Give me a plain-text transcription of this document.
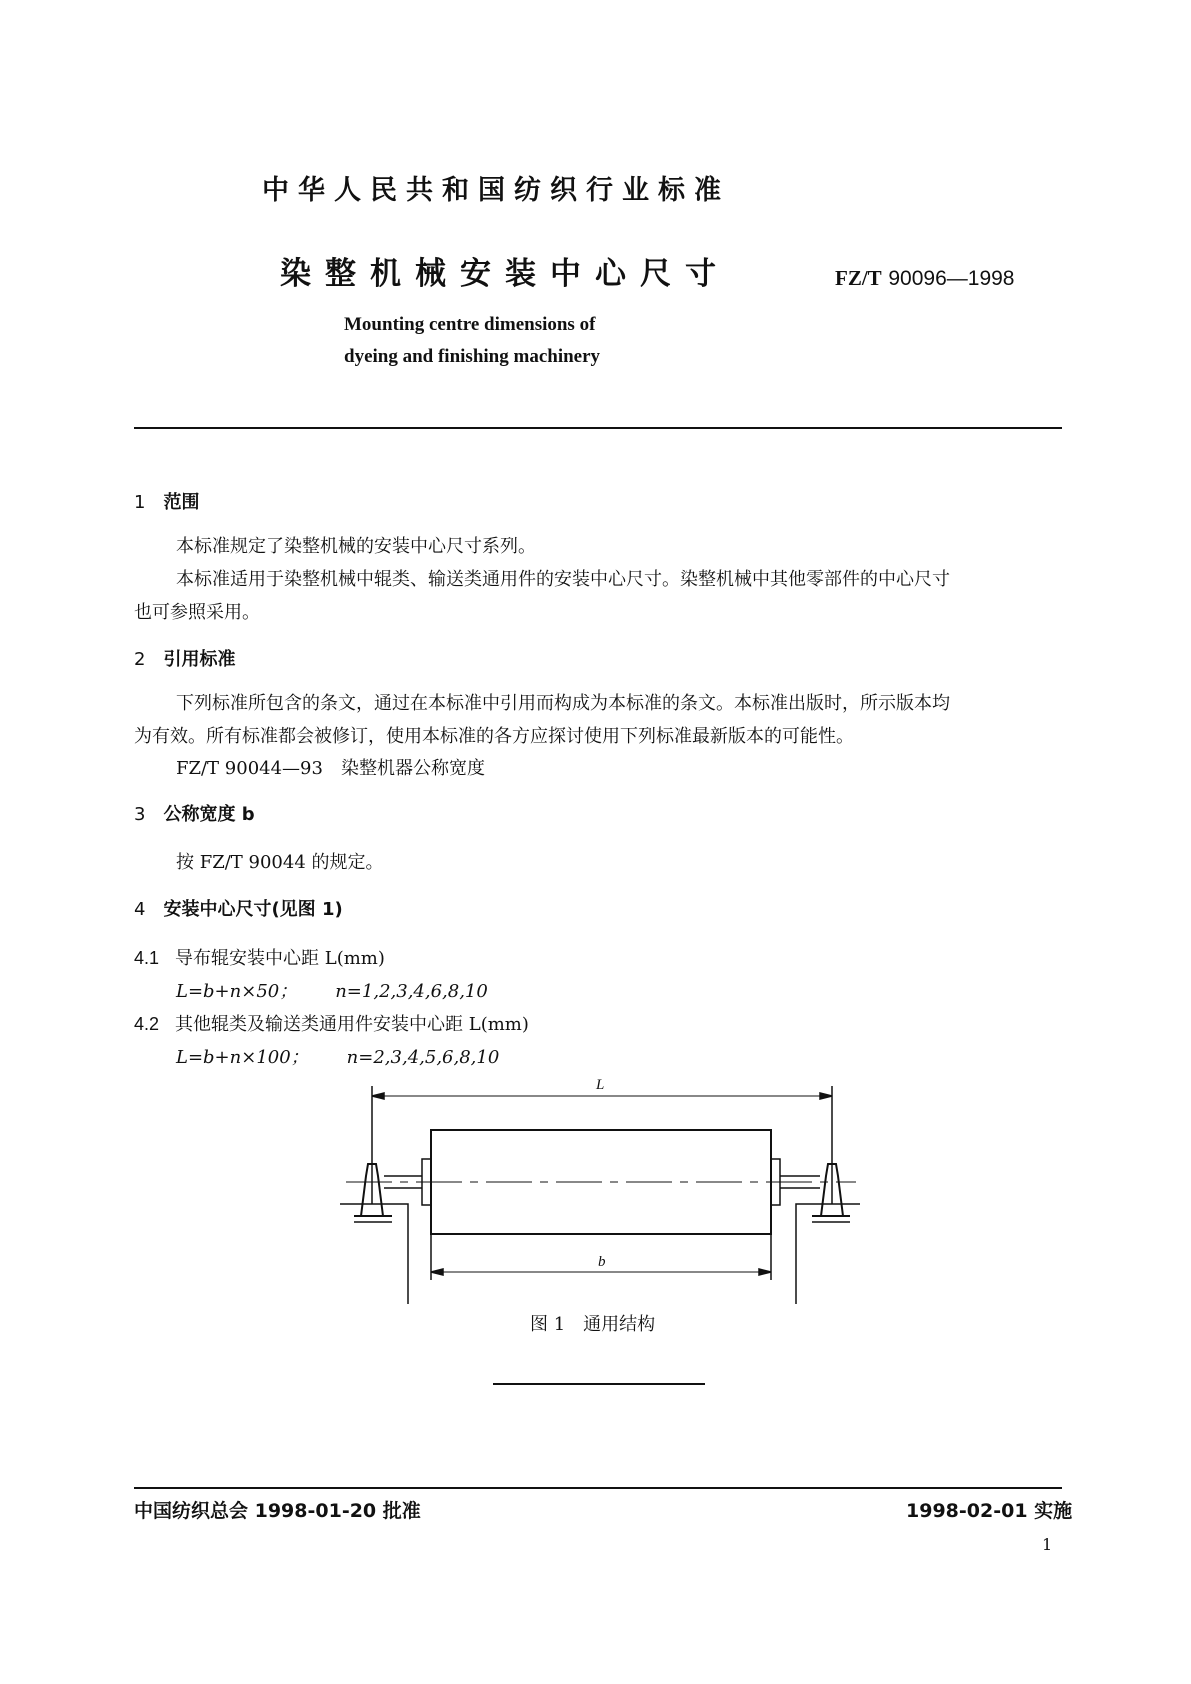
中华人民共和国纺织行业标准
染整机械安装中心尺寸	FZ/T 90096—1998
Mounting centre dimensions of
dyeing and finishing machinery
1 范围
本标准规定了染整机械的安装中心尺寸系列。
本标准适用于染整机械中辊类、输送类通用件的安装中心尺寸。染整机械中其他零部件的中心尺寸
也可参照采用。
2 引用标准
下列标准所包含的条文，通过在本标准中引用而构成为本标准的条文。本标准出版时，所示版本均
为有效。所有标准都会被修订，使用本标准的各方应探讨使用下列标准最新版本的可能性。
FZ/T 90044—93　染整机器公称宽度
3 公称宽度 b
按 FZ/T 90044 的规定。
4 安装中心尺寸(见图 1)
4.1 导布辊安装中心距 L(mm)
L=b+n×50； n=1,2,3,4,6,8,10
4.2 其他辊类及输送类通用件安装中心距 L(mm)
L=b+n×100； n=2,3,4,5,6,8,10
L
b
图 1　通用结构
中国纺织总会 1998-01-20 批准	1998-02-01 实施
1
